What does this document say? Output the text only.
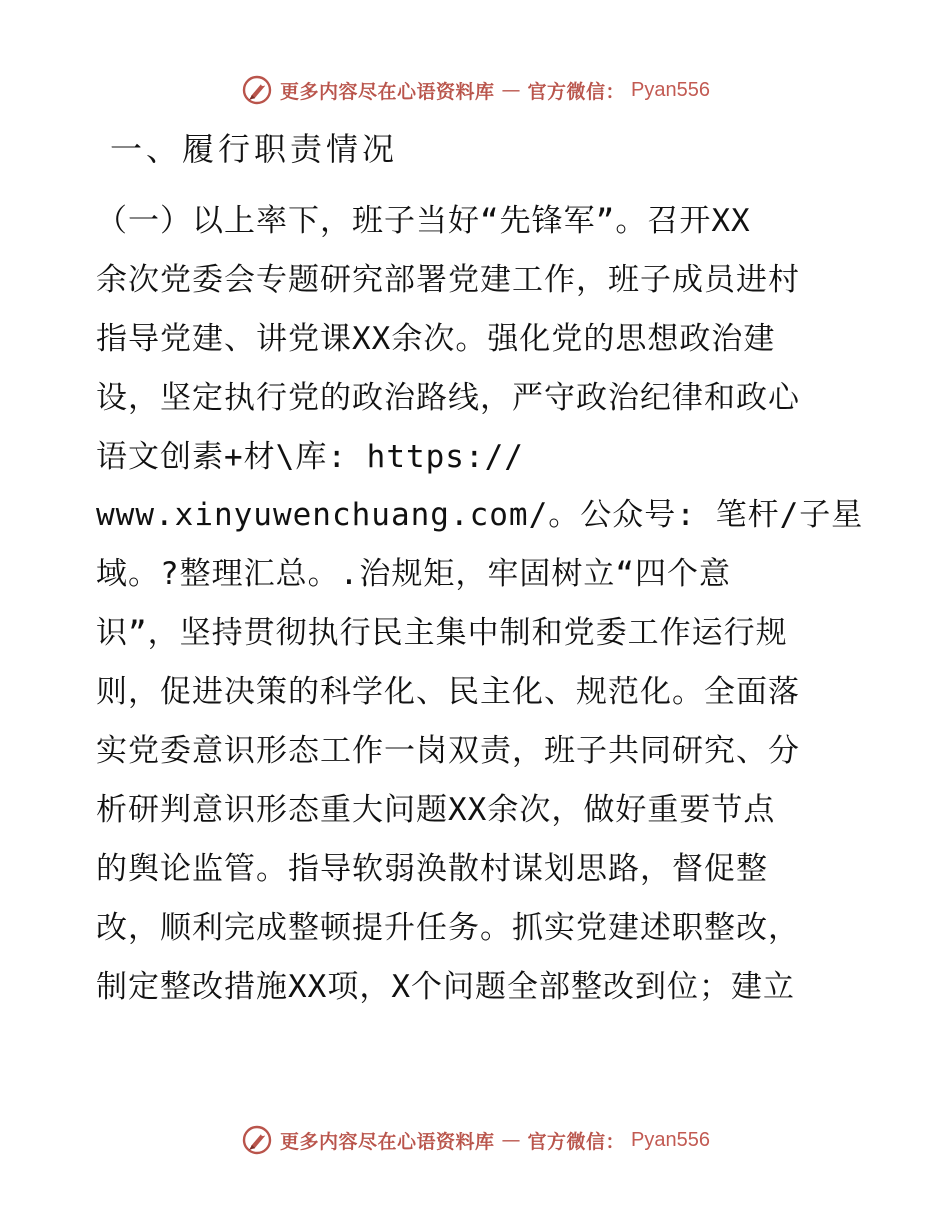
更多内容尽在心语资料库 — 官方微信： Pyan556
一、履行职责情况
（一）以上率下，班子当好“先锋军”。召开XX
余次党委会专题研究部署党建工作，班子成员进村
指导党建、讲党课XX余次。强化党的思想政治建
设，坚定执行党的政治路线，严守政治纪律和政心
语文创素+材\库: https://
www.xinyuwenchuang.com/。公众号: 笔杆/子星
域。?整理汇总。.治规矩，牢固树立“四个意
识”，坚持贯彻执行民主集中制和党委工作运行规
则，促进决策的科学化、民主化、规范化。全面落
实党委意识形态工作一岗双责，班子共同研究、分
析研判意识形态重大问题XX余次，做好重要节点
的舆论监管。指导软弱涣散村谋划思路，督促整
改，顺利完成整顿提升任务。抓实党建述职整改，
制定整改措施XX项，X个问题全部整改到位；建立
更多内容尽在心语资料库 — 官方微信： Pyan556
